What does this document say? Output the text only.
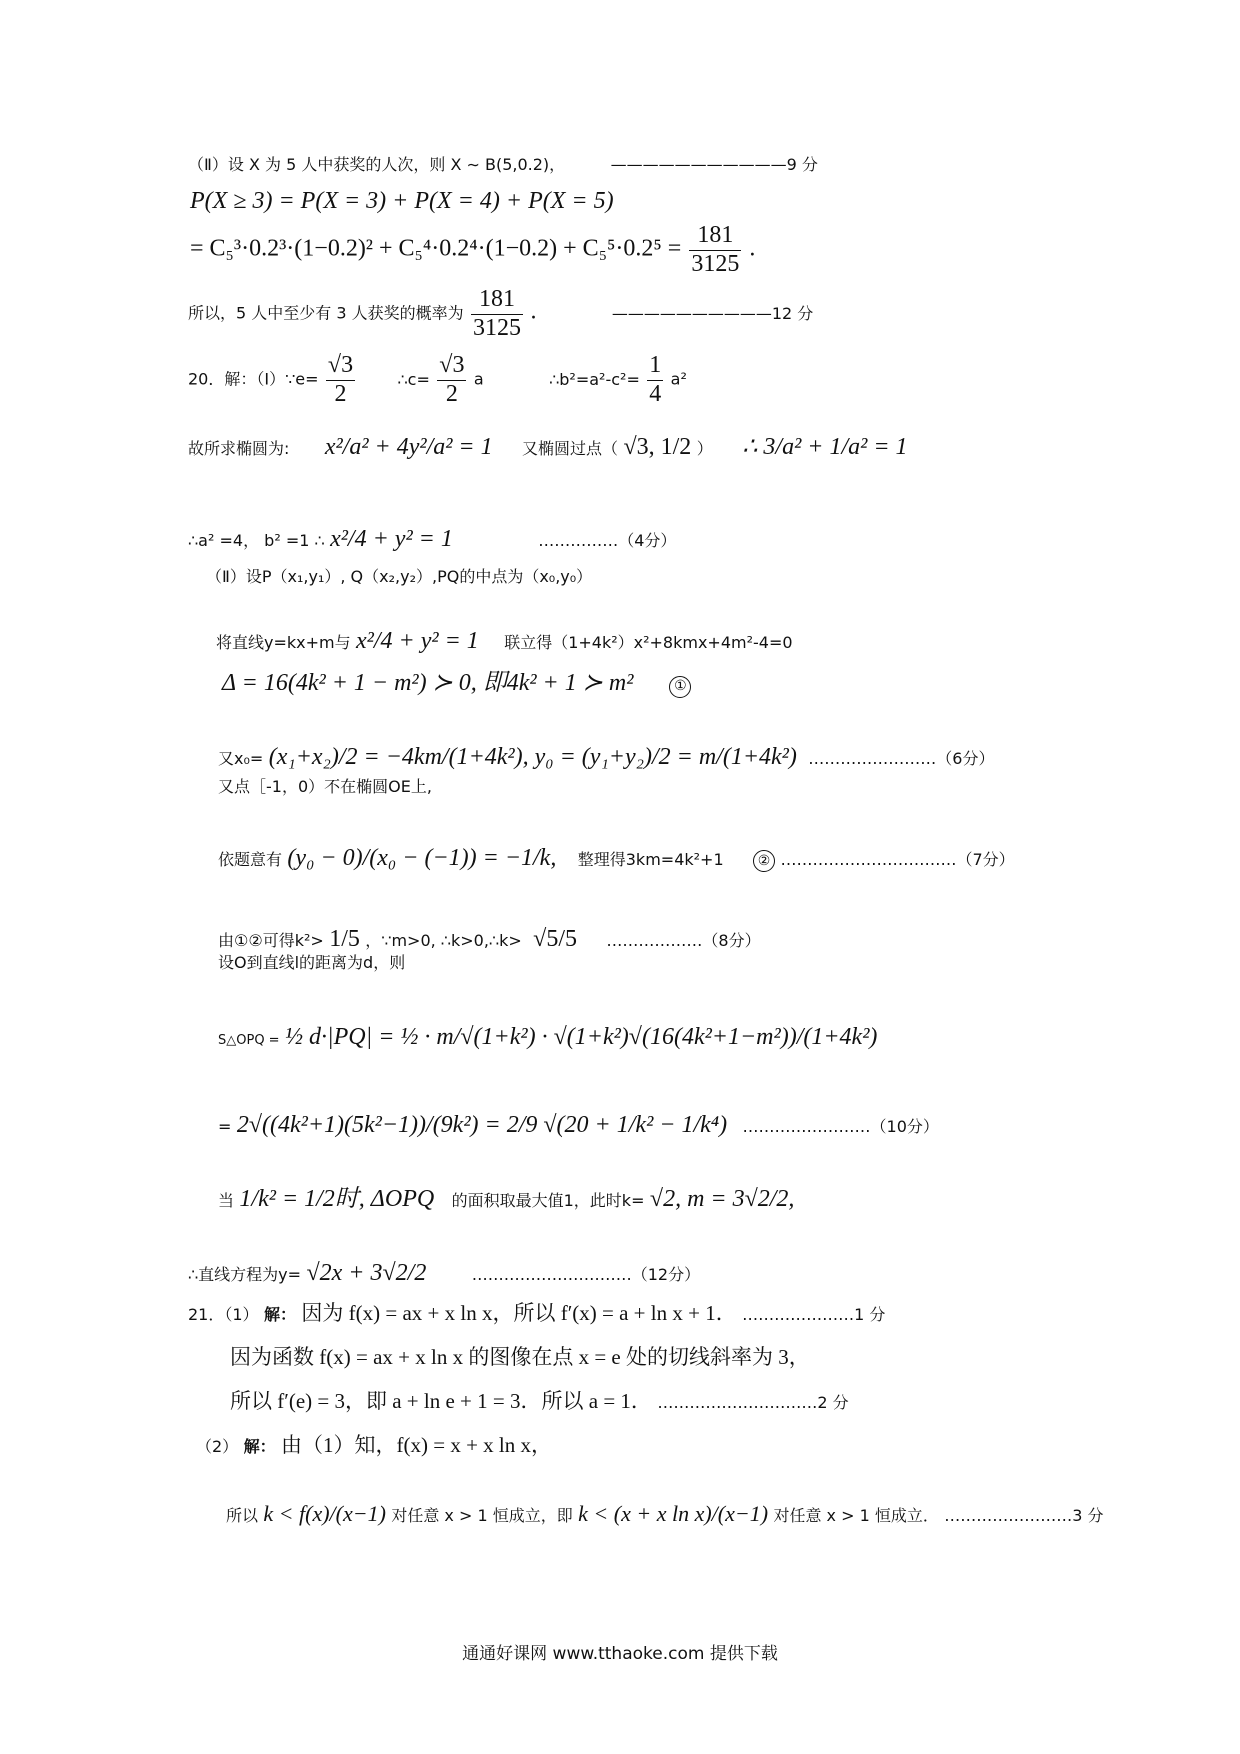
（Ⅱ）设 X 为 5 人中获奖的人次，则 X ∼ B(5,0.2)，	———————————9 分
P(X ≥ 3) = P(X = 3) + P(X = 4) + P(X = 5)
= $C_5^3\cdot 0.2^3\cdot(1-0.2)^2 + C_5^4\cdot 0.2^4\cdot(1-0.2) + C_5^5\cdot 0.2^5 = \frac{181}{3125}$ .
所以，5 人中至少有 3 人获奖的概率为 $\frac{181}{3125}$ .	——————————12 分
20．解：（Ⅰ）∵e= $\frac{√3}{2}$	∴c= $\frac{√3}{2}$ a	∴b²=a²-c²= $\frac{1}{4} a^2$
故所求椭圆为: x²/a² + 4y²/a² = 1 又椭圆过点（ √3, 1/2 ） ∴ 3/a² + 1/a² = 1
∴a² =4， b² =1 ∴ x²/4 + y² = 1	……………（4分）
（Ⅱ）设P（x₁,y₁）, Q（x₂,y₂）,PQ的中点为（x₀,y₀）
将直线y=kx+m与 x²/4 + y² = 1 联立得（1+4k²）x²+8kmx+4m²-4=0
Δ = 16(4k² + 1 − m²) ≻ 0, 即4k² + 1 ≻ m²	①
又x₀= (x₁+x₂)/2 = −4km/(1+4k²), y₀ = (y₁+y₂)/2 = m/(1+4k²) ……………………（6分）
又点［-1，0）不在椭圆OE上,
依题意有 (y₀ − 0)/(x₀ − (−1)) = −1/k, 整理得3km=4k²+1 ② ……………………………（7分）
由①②可得k²> 1/5 ，∵m>0, ∴k>0,∴k> √5/5 ………………（8分）
设O到直线l的距离为d，则
S△OPQ = ½ d·|PQ| = ½ · m/√(1+k²) · √(1+k²)√(16(4k²+1−m²))/(1+4k²)
= 2√((4k²+1)(5k²−1))/(9k²) = 2/9 √(20 + 1/k² − 1/k⁴) ……………………（10分）
当 1/k² = 1/2时, ΔOPQ 的面积取最大值1，此时k= √2, m = 3√2/2,
∴直线方程为y= √2x + 3√2/2	…………………………（12分）
21．（1） 解： 因为 f(x) = ax + x ln x，所以 f′(x) = a + ln x + 1． …………………1 分
因为函数 f(x) = ax + x ln x 的图像在点 x = e 处的切线斜率为 3，
所以 f′(e) = 3，即 a + ln e + 1 = 3．所以 a = 1． …………………………2 分
（2） 解： 由（1）知，f(x) = x + x ln x，
所以 k < f(x)/(x−1) 对任意 x > 1 恒成立，即 k < (x + x ln x)/(x−1) 对任意 x > 1 恒成立． ……………………3 分
通通好课网 www.tthaoke.com 提供下载
